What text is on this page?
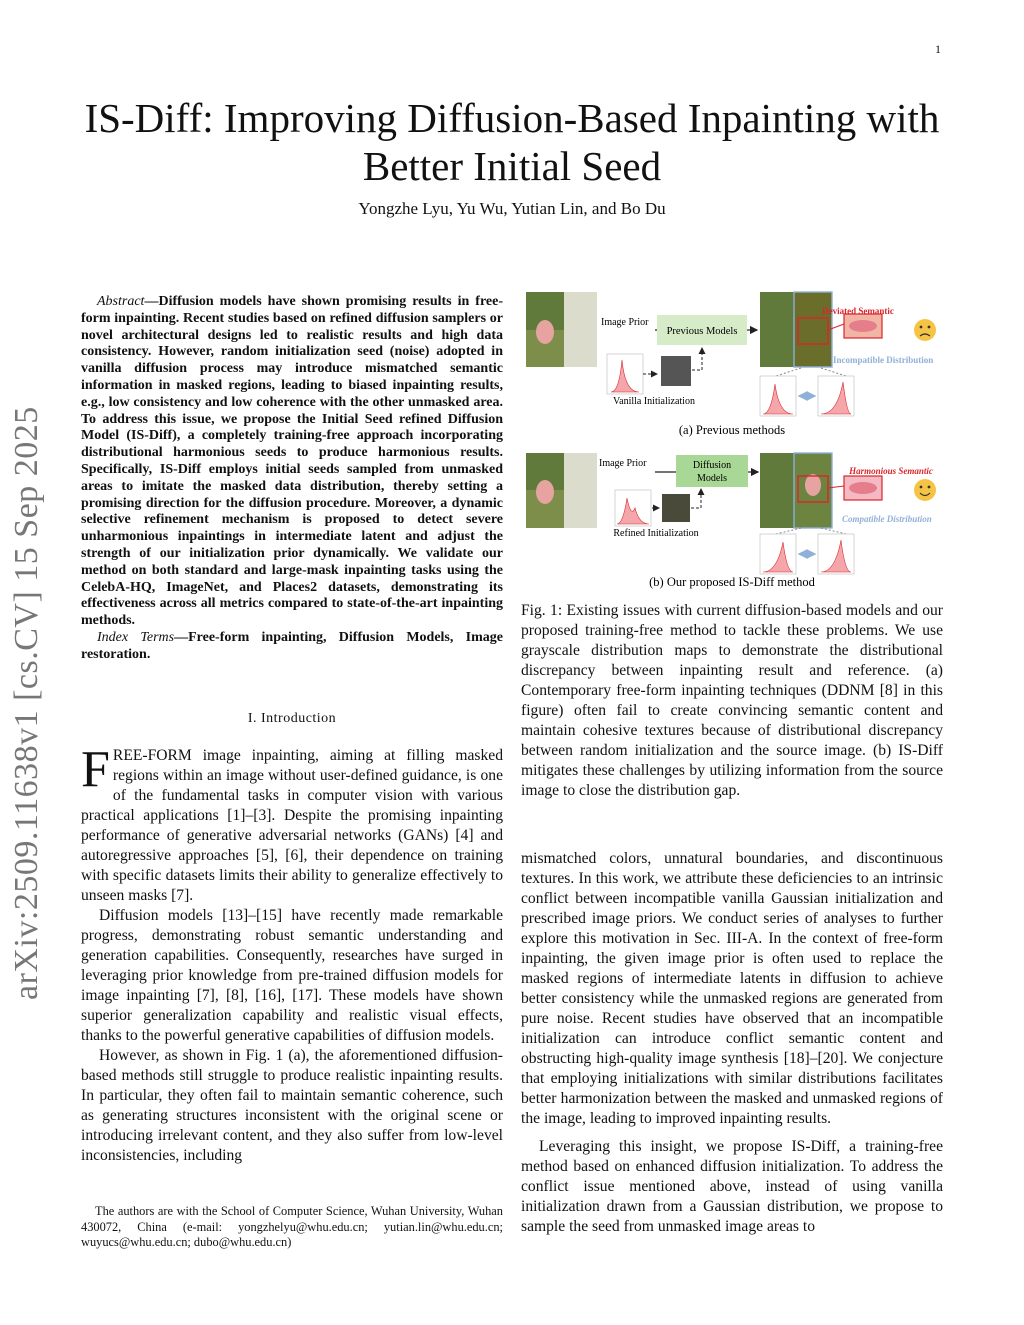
1
arXiv:2509.11638v1 [cs.CV] 15 Sep 2025
IS-Diff: Improving Diffusion-Based Inpainting with Better Initial Seed
Yongzhe Lyu, Yu Wu, Yutian Lin, and Bo Du

Abstract—Diffusion models have shown promising results in free-form inpainting. Recent studies based on refined diffusion samplers or novel architectural designs led to realistic results and high data consistency. However, random initialization seed (noise) adopted in vanilla diffusion process may introduce mismatched semantic information in masked regions, leading to biased inpainting results, e.g., low consistency and low coherence with the other unmasked area. To address this issue, we propose the Initial Seed refined Diffusion Model (IS-Diff), a completely training-free approach incorporating distributional harmonious seeds to produce harmonious results. Specifically, IS-Diff employs initial seeds sampled from unmasked areas to imitate the masked data distribution, thereby setting a promising direction for the diffusion procedure. Moreover, a dynamic selective refinement mechanism is proposed to detect severe unharmonious inpaintings in intermediate latent and adjust the strength of our initialization prior dynamically. We validate our method on both standard and large-mask inpainting tasks using the CelebA-HQ, ImageNet, and Places2 datasets, demonstrating its effectiveness across all metrics compared to state-of-the-art inpainting methods.

Index Terms—Free-form inpainting, Diffusion Models, Image restoration.

I. Introduction

FREE-FORM image inpainting, aiming at filling masked regions within an image without user-defined guidance, is one of the fundamental tasks in computer vision with various practical applications [1]–[3]. Despite the promising inpainting performance of generative adversarial networks (GANs) [4] and autoregressive approaches [5], [6], their dependence on training with specific datasets limits their ability to generalize effectively to unseen masks [7].

Diffusion models [13]–[15] have recently made remarkable progress, demonstrating robust semantic understanding and generation capabilities. Consequently, researches have surged in leveraging prior knowledge from pre-trained diffusion models for image inpainting [7], [8], [16], [17]. These models have shown superior generalization capability and realistic visual effects, thanks to the powerful generative capabilities of diffusion models.

However, as shown in Fig. 1 (a), the aforementioned diffusion-based methods still struggle to produce realistic inpainting results. In particular, they often fail to maintain semantic coherence, such as generating structures inconsistent with the original scene or introducing irrelevant content, and they also suffer from low-level inconsistencies, including

The authors are with the School of Computer Science, Wuhan University, Wuhan 430072, China (e-mail: yongzhelyu@whu.edu.cn; yutian.lin@whu.edu.cn; wuyucs@whu.edu.cn; dubo@whu.edu.cn)
Image Prior
Previous Models
Vanilla Initialization
Deviated Semantic
Incompatible Distribution
(a) Previous methods
Image Prior	Diffusion
Models
Refined Initialization
Harmonious Semantic
Compatible Distribution
(b) Our proposed IS-Diff method
Fig. 1: Existing issues with current diffusion-based models and our proposed training-free method to tackle these problems. We use grayscale distribution maps to demonstrate the distributional discrepancy between inpainting result and reference. (a) Contemporary free-form inpainting techniques (DDNM [8] in this figure) often fail to create convincing semantic content and maintain cohesive textures because of distributional discrepancy between random initialization and the source image. (b) IS-Diff mitigates these challenges by utilizing information from the source image to close the distribution gap.

mismatched colors, unnatural boundaries, and discontinuous textures. In this work, we attribute these deficiencies to an intrinsic conflict between incompatible vanilla Gaussian initialization and prescribed image priors. We conduct series of analyses to further explore this motivation in Sec. III-A. In the context of free-form inpainting, the given image prior is often used to replace the masked regions of intermediate latents in diffusion to achieve better consistency while the unmasked regions are generated from pure noise. Recent studies have observed that an incompatible initialization can introduce conflict semantic content and obstructing high-quality image synthesis [18]–[20]. We conjecture that employing initializations with similar distributions facilitates better harmonization between the masked and unmasked regions of the image, leading to improved inpainting results.

Leveraging this insight, we propose IS-Diff, a training-free method based on enhanced diffusion initialization. To address the conflict issue mentioned above, instead of using vanilla initialization drawn from a Gaussian distribution, we propose to sample the seed from unmasked image areas to
